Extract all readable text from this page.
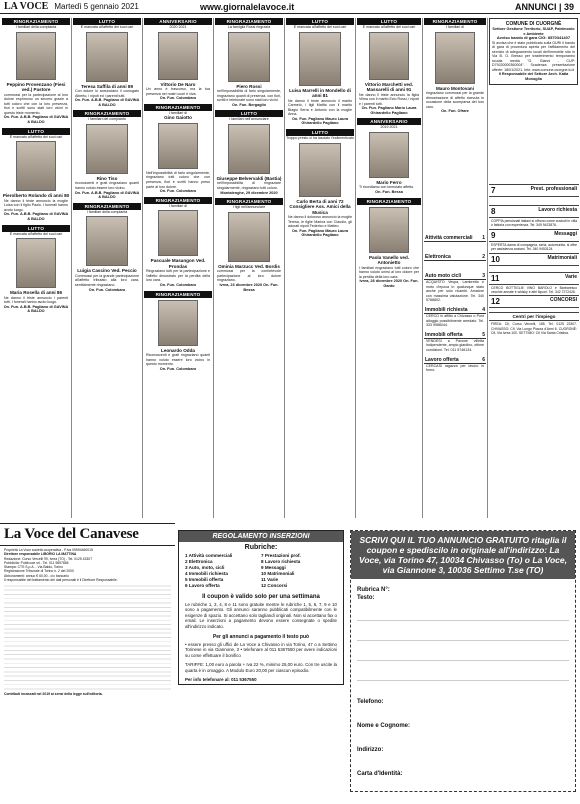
LA VOCE Martedì 5 gennaio 2021	www.giornalelavoce.it	ANNUNCI | 39
RINGRAZIAMENTO
I familiari della compianta
Peppino Provenzano (Fiesi ved.) Pastore
commossi per la partecipazione al loro dolore esprimono un sincero grazie a tutti coloro che con la loro presenza, fiori e scritti sono stati loro vicini in questo triste momento.
On. Fun. A.B.B. Pagliano di GAVINA & BALDO
LUTTO
È mancato all'affetto dei suoi cari
Pierolberto Rolando di anni 80
Ne danno il triste annuncio la moglie Luisa con il figlio Paolo. I funerali hanno avuto luogo.
On. Fun. A.B.B. Pagliano di GAVINA & BALDO
LUTTO
È mancata all'affetto dei suoi cari
Maria Rosella di anni 86
Ne danno il triste annuncio i parenti tutti. I funerali hanno avuto luogo.
On. Fun. A.B.B. Pagliano di GAVINA & BALDO
LUTTO
È mancata all'affetto dei suoi cari
Teresa Saffila di anni 89
Con dolore lo annunciano il coniugato Alberto, i nipoti ed i parenti tutti.
On. Fun. A.B.B. Pagliano di GAVINA & BALDO
RINGRAZIAMENTO
I familiari del compianto
Rino Tiso
riconoscenti e grati ringraziano quanti hanno voluto essere loro vicino.
On. Fun. A.B.B. Pagliano di GAVINA & BALDO
RINGRAZIAMENTO
I familiari della compianta
Luigia Cascino Ved. Peccio
Commossi per la grande partecipazione all'affetto tributato alla loro cara, sentitamente ringraziano.
On. Fun. Colombaro
ANNIVERSARIO
2020 2021
Vittorio De Naro
Un anno è trascorso, ma la tua presenza nei nostri cuori è viva.
On. Fun. Colombaro
RINGRAZIAMENTO
I familiari di
Gino Gaiotto
Nell'impossibilità di farlo singolarmente, ringraziano tutti coloro che con presenza, fiori e scritti hanno preso parte al loro dolore.
On. Fun. Colombaro
RINGRAZIAMENTO
I familiari di
Pascuale Masangon Ved. Prondas
Ringraziano tutti per la partecipazione e l'affetto dimostrato per la perdita della loro cara.
On. Fun. Colombaro
RINGRAZIAMENTO
Leonardo Odda
Riconoscenti e grati ringraziano quanti hanno voluto essere loro vicino in questo momento.
On. Fun. Colombaro
RINGRAZIAMENTO
La famiglia Rossi ringrazia
Piero Rossi
nell'impossibilità di farlo singolarmente, ringraziano quanti di presenza, con fiori, scritti e telefonate sono stati loro vicini.
On. Fun. Bergaglio
LUTTO
I familiari nell'annunciare
Giuseppe Belvervaldi (Bastia)
nell'impossibilità di ringraziare singolarmente, ringraziano tutti coloro.
Montalenghe, 29 dicembre 2020
RINGRAZIAMENTO
I figli nell'annunciare
Ominia Marzucc Ved. Bordis
commossi per la confortevole partecipazione al loro dolore ringraziano.
Ivrea, 23 dicembre 2020 On. Fun. Bessa
LUTTO
È mancata all'affetto dei suoi cari
Luisa Marrelli in Mondello di anni 81
Ne danno il triste annuncio il marito Carmelo, i figli Mattia con il marito Biagio Serra e Antonio con la moglie Anna.
On. Fun. Pagliano Mauro Laura Ghirardello Pagliano
LUTTO
Troppo presto ci ha lasciato l'indimenticato
Carlo Berta di anni 72 Consigliere Ass. Amici della Musica
Ne danno il doloroso annuncio la moglie Teresa, le figlie Marina con Claudio, gli adorati nipoti Federico e Matteo.
On. Fun. Pagliano Mauro Laura Ghirardello Pagliano
LUTTO
È mancato all'affetto dei suoi cari
Vittorio Marchetti ved. Massarelli di anni 91
Ne danno il triste annuncio la figlia Vilma con il marito Ezio Rossi, i nipoti e i parenti tutti.
On. Fun. Pagliano Mario Laura Ghirardello Pagliano
ANNIVERSARIO
2019 2021
Mario Ferro
Ti ricordiamo con immutato affetto.
On. Fun. Bessa
RINGRAZIAMENTO
Paola Vanello ved. Antonietto
I familiari ringraziano tutti coloro che hanno voluto unirsi al loro dolore per la perdita della loro cara.
Ivrea, 28 dicembre 2020 On. Fun. Gardo
RINGRAZIAMENTO
I familiari di
Mauro Montovani
ringraziano commossi per la grande dimostrazione di affetto ricevuta in occasione della scomparsa del loro caro.
On. Fun. Ofrare
Attività commerciali 1
Elettronica	2
Auto moto cicli	3
ACQUISTO Vespa, Lambretta e moto d'epoca in qualunque stato anche per solo ricambi. Amatore con massima valutazione. Tel. 340 5788802.
Immobili richiesta	4
CERCO in affitto a Chivasso o Pont alloggio possibilmente arredato. Tel. 333 9986044.
Immobili offerta	5
VENDESI a Pavone villetta indipendente, ampio giardino, ottime condizioni. Tel. 011 5746134.
Lavoro offerta	6
CERCASI ragazza per lavoro in forno.
COMUNE DI CUORGNÈ
Settore Gestione Territorio, SUAP, Patrimonio e Ambiente
Avviso bando di gara CIG: 8570341407
Si avvisa che è stato pubblicato sulla GURI il bando di gara di procedura aperta per l'affidamento del servizio di adeguamento locali dell'immobile sito in Via B. O. Bresso per trasferimento temporaneo scuola media "G. Gianni - CUP: D79J20000360004". Scadenza presentazione offerte: 18/01/2021. Info: www.comune.cuorgne.to.it
Il Responsabile del Settore Arch. Katia Monoglia
7	Prest. professionali
8	Lavoro richiesta
COPPIA pensionati italiani si offrono come custodi in villa o fattoria con esperienza. Tel. 349 9423876.
9	Messaggi
ESPERTA dama di compagnia, seria, automunita, si offre per assistenza anziani. Tel. 340 9453124.
10	Matrimoniali
11	Varie
CERCO BOTTIGLIE VINO BAROLO e Barbaresco vecchie annate e whisky e altri liquori. Tel. 342 7272426.
12	CONCORSI
Centri per l'impiego
FIREA: Cfi, Corso Vercelli, 185. Tel. 0125 23307. CHIVASSO: Cfi, Via Lungo Piazza d'Armi 6. CUORGNÈ: Cfi, Via Ivrea 100. SETTIMO: Cfi Via Santa Cristina.
La Voce del Canavese
Proprietà La Voce società cooperativa - P.iva 09594460015
Direttore responsabile LIBORIO LA MATTINA
Redazione: Corso Vercelli 99, Ivrea (TO) - Tel. 0125 43307
Pubblicità: Publivoce srl - Tel. 011 9857856
Stampa: CTS S.p.A. - Via Baldo, Torino
Registrazione Tribunale di Torino n. 2 del 2000
Abbonamenti: annuo € 60,00 - c/c bancario
Il responsabile del trattamento dei dati personali è il Direttore Responsabile.
Contributi incassati nel 2019 ai sensi della legge sull'editoria.
REGOLAMENTO INSERZIONI
Rubriche:
1 Attività commerciali	7 Prestazioni prof.
2 Elettronica	8 Lavoro richiesta
3 Auto, moto, cicli	9 Messaggi
4 Immobili richiesta	10 Matrimoniali
5 Immobili offerta	11 Varie
6 Lavoro offerta	12 Concorsi
Il coupon è valido solo per una settimana
Le rubriche 1, 3, 4, 8 e 11 sono gratuite mentre le rubriche 1, 5, 6, 7, 9 e 10 sono a pagamento. Gli annunci saranno pubblicati compatibilmente con le esigenze di spazio. Si accettano solo tagliandi originali. Non si accettano fax o email. Le inserzioni a pagamento devono essere consegnate o spedite all'indirizzo indicato.
Per gli annunci a pagamento il testo può
• essere presso gli uffici de La Voce a Chivasso in via Torino, 47 o a Settimo Torinese in via Giannone, 3 • telefonare al 011 5367550 per avere indicazioni su come effettuare il bonifico
TARIFFE: 1,00 euro a parola + Iva 22 %, minimo 25,00 euro. Con tre uscite la quarta è in omaggio. A Modulo Euro 20,00 per ciascun episodio.
Per info telefonare al: 011 5367550
SCRIVI QUI IL TUO ANNUNCIO GRATUITO ritaglia il coupon e spediscilo in originale all'indirizzo: La Voce, via Torino 47, 10034 Chivasso (To) o La Voce, via Giannone 3, 10036 Settimo T.se (TO)
Rubrica N°:
Testo:
Telefono:
Nome e Cognome:
Indirizzo:
Carta d'Identità:
